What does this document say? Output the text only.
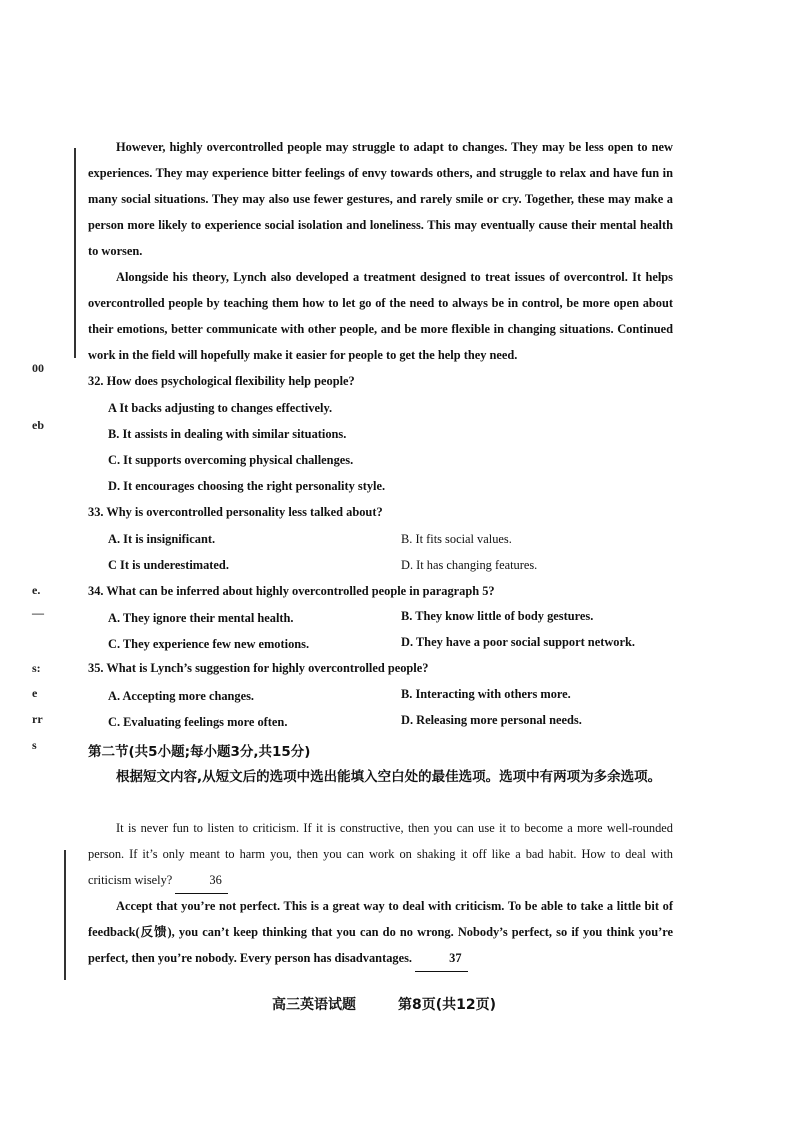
00
eb
e.
—
s:
e
rr
s
However, highly overcontrolled people may struggle to adapt to changes. They may be less open to new experiences. They may experience bitter feelings of envy towards others, and struggle to relax and have fun in many social situations. They may also use fewer gestures, and rarely smile or cry. Together, these may make a person more likely to experience social isolation and loneliness. This may eventually cause their mental health to worsen.
Alongside his theory, Lynch also developed a treatment designed to treat issues of overcontrol. It helps overcontrolled people by teaching them how to let go of the need to always be in control, be more open about their emotions, better communicate with other people, and be more flexible in changing situations. Continued work in the field will hopefully make it easier for people to get the help they need.
32. How does psychological flexibility help people?
A It backs adjusting to changes effectively.
B. It assists in dealing with similar situations.
C. It supports overcoming physical challenges.
D. It encourages choosing the right personality style.
33. Why is overcontrolled personality less talked about?
A. It is insignificant.	B. It fits social values.
C It is underestimated.	D. It has changing features.
34. What can be inferred about highly overcontrolled people in paragraph 5?
A. They ignore their mental health.	B. They know little of body gestures.
C. They experience few new emotions.	D. They have a poor social support network.
35. What is Lynch’s suggestion for highly overcontrolled people?
A. Accepting more changes.	B. Interacting with others more.
C. Evaluating feelings more often.	D. Releasing more personal needs.
第二节(共5小题;每小题3分,共15分)
根据短文内容,从短文后的选项中选出能填入空白处的最佳选项。选项中有两项为多余选项。
It is never fun to listen to criticism. If it is constructive, then you can use it to become a more well-rounded person. If it’s only meant to harm you, then you can work on shaking it off like a bad habit. How to deal with criticism wisely?	36
Accept that you’re not perfect. This is a great way to deal with criticism. To be able to take a little bit of feedback(反馈), you can’t keep thinking that you can do no wrong. Nobody’s perfect, so if you think you’re perfect, then you’re nobody. Every person has disadvantages.	37
高三英语试题	第8页(共12页)
